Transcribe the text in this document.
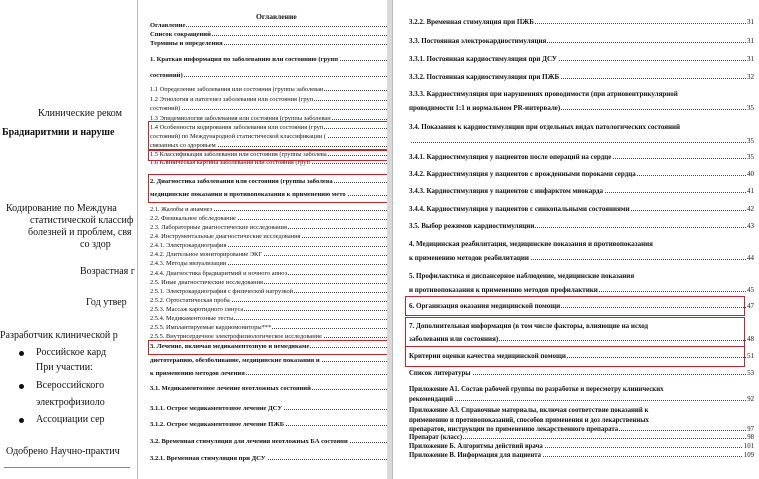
Клинические реком
Брадиаритмии и наруше
Кодирование по Междуна
статистической классиф
болезней и проблем, свя
со здор
Возрастная г
Год утвер
Разработчик клинической р
Российское кард
При участии:
Всероссийского
электрофизиоло
Ассоциации сер
Одобрено Научно-практич
Оглавление
Оглавление
Список сокращений
Термины и определения
1. Краткая информация по заболеванию или состоянию (групп
состояний)
1.1 Определение заболевания или состояния (группы заболеван
1.2 Этиология и патогенез заболевания или состояния (груп
состояний)
1.3 Эпидемиология заболевания или состояния (группы заболеван
1.4 Особенности кодирования заболевания или состояния (груп
состояний) по Международной статистической классификации (
связанных со здоровьем
1.5 Классификация заболевания или состояния (группы заболева
1.6 Клиническая картина заболевания или состояния (груп
2. Диагностика заболевания или состояния (группы заболева
медицинские показания и противопоказания к применению мето
2.1. Жалобы и анамнез
2.2. Физикальное обследование
2.3. Лабораторные диагностические исследования
2.4. Инструментальные диагностические исследования
2.4.1. Электрокардиография
2.4.2. Длительное мониторирование ЭКГ
2.4.3. Методы визуализации
2.4.4. Диагностика брадиаритмий и ночного апноэ
2.5. Иные диагностические исследования
2.5.1. Электрокардиография с физической нагрузкой
2.5.2. Ортостатическая проба
2.5.3. Массаж каротидного синуса
2.5.4. Медикаментозные тесты
2.5.5. Имплантируемые кардиомониторы***
2.5.5. Внутрисердечное электрофизиологическое исследование
3. Лечение, включая медикаментозную и немедикаме
диетотерапию, обезболивание, медицинские показания и
к применению методов лечения
3.1. Медикаментозное лечение неотложных состояний
3.1.1. Острое медикаментозное лечение ДСУ
3.1.2. Острое медикаментозное лечение ПЖБ
3.2. Временная стимуляция для лечения неотложных БА состояни
3.2.1. Временная стимуляция при ДСУ
3.2.2. Временная стимуляция при ПЖБ	31
3.3. Постоянная электрокардиостимуляция	31
3.3.1. Постоянная кардиостимуляция при ДСУ	31
3.3.2. Постоянная кардиостимуляция при ПЖБ	32
3.3.3. Кардиостимуляция при нарушениях проводимости (при атриовентрикулярной
проводимости 1:1 и нормальном PR-интервале)	35
3.4. Показания к кардиостимуляции при отдельных видах патологических состояний
35
3.4.1. Кардиостимуляция у пациентов после операций на сердце	35
3.4.2. Кардиостимуляция у пациентов с врожденными пороками сердца	40
3.4.3. Кардиостимуляция у пациентов с инфарктом миокарда	41
3.4.4. Кардиостимуляция у пациентов с синкопальными состояниями	42
3.5. Выбор режимов кардиостимуляции	43
4. Медицинская реабилитация, медицинские показания и противопоказания
к применению методов реабилитации	44
5. Профилактика и диспансерное наблюдение, медицинские показания
и противопоказания к применению методов профилактики	45
6. Организация оказания медицинской помощи	47
7. Дополнительная информация (в том числе факторы, влияющие на исход
заболевания или состояния)	48
Критерии оценки качества медицинской помощи	51
Список литературы	53
Приложение А1. Состав рабочей группы по разработке и пересмотру клинических
рекомендаций	92
Приложение А3. Справочные материалы, включая соответствие показаний к
применению и противопоказаний, способов применения и доз лекарственных
препаратов, инструкции по применению лекарственного препарата	97
Препарат (класс)	98
Приложение Б. Алгоритмы действий врача	101
Приложение В. Информация для пациента	109
